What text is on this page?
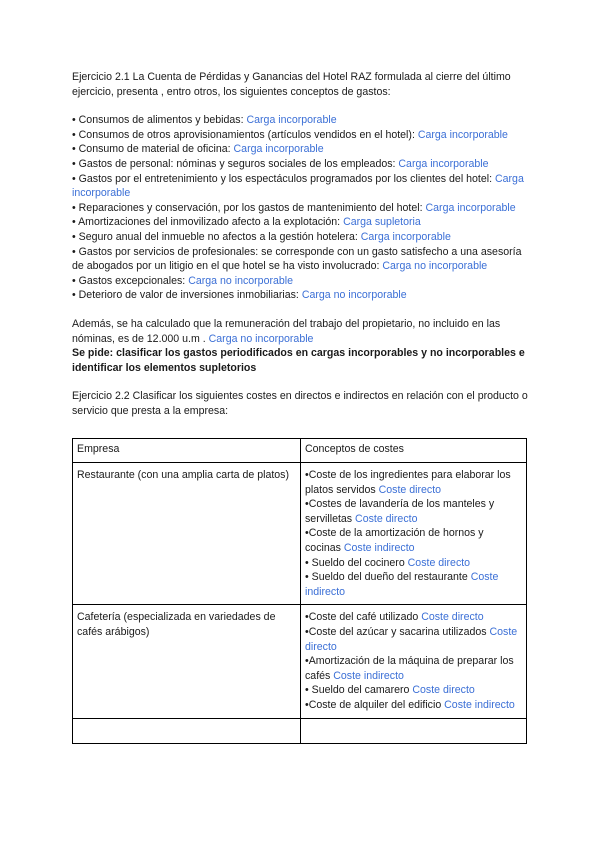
Ejercicio 2.1 La Cuenta de Pérdidas y Ganancias del Hotel RAZ formulada al cierre del último ejercicio, presenta , entro otros, los siguientes conceptos de gastos:

• Consumos de alimentos y bebidas: Carga incorporable
• Consumos de otros aprovisionamientos (artículos vendidos en el hotel): Carga incorporable
• Consumo de material de oficina: Carga incorporable
• Gastos de personal: nóminas y seguros sociales de los empleados: Carga incorporable
• Gastos por el entretenimiento y los espectáculos programados por los clientes del hotel: Carga incorporable
• Reparaciones y conservación, por los gastos de mantenimiento del hotel: Carga incorporable
• Amortizaciones del inmovilizado afecto a la explotación: Carga supletoria
• Seguro anual del inmueble no afectos a la gestión hotelera: Carga incorporable
• Gastos por servicios de profesionales: se corresponde con un gasto satisfecho a una asesoría de abogados por un litigio en el que hotel se ha visto involucrado: Carga no incorporable
• Gastos excepcionales: Carga no incorporable
• Deterioro de valor de inversiones inmobiliarias: Carga no incorporable

Además, se ha calculado que la remuneración del trabajo del propietario, no incluido en las nóminas, es de 12.000 u.m . Carga no incorporable

Se pide: clasificar los gastos periodificados en cargas incorporables y no incorporables e identificar los elementos supletorios

Ejercicio 2.2 Clasificar los siguientes costes en directos e indirectos en relación con el producto o servicio que presta a la empresa:

Empresa	Conceptos de costes
Restaurante (con una amplia carta de platos)	•Coste de los ingredientes para elaborar los platos servidos Coste directo
•Costes de lavandería de los manteles y servilletas Coste directo
•Coste de la amortización de hornos y cocinas Coste indirecto
• Sueldo del cocinero Coste directo
• Sueldo del dueño del restaurante Coste indirecto

Cafetería (especializada en variedades de cafés arábigos)	•Coste del café utilizado Coste directo
•Coste del azúcar y sacarina utilizados Coste directo
•Amortización de la máquina de preparar los cafés Coste indirecto
• Sueldo del camarero Coste directo
•Coste de alquiler del edificio Coste indirecto
